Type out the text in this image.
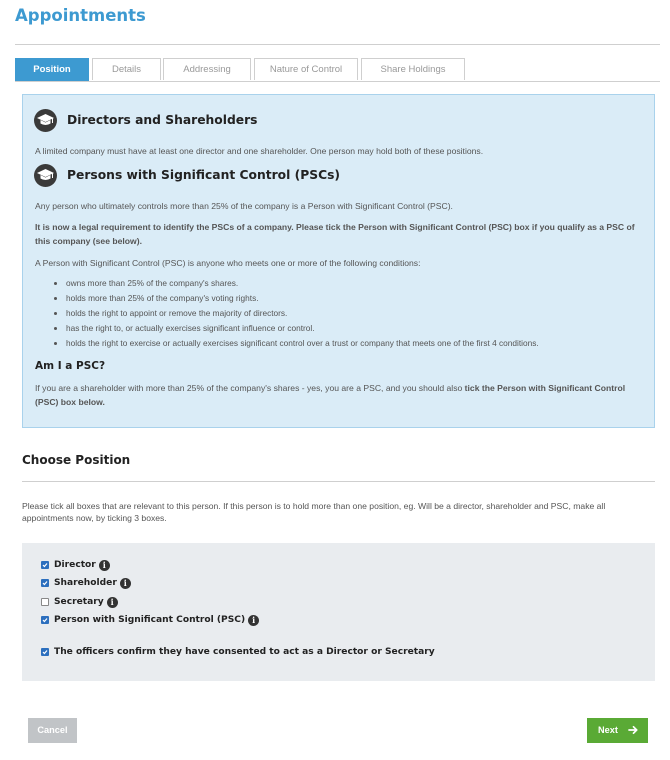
Appointments
Position	Details	Addressing	Nature of Control	Share Holdings
Directors and Shareholders

A limited company must have at least one director and one shareholder. One person may hold both of these positions.

Persons with Significant Control (PSCs)

Any person who ultimately controls more than 25% of the company is a Person with Significant Control (PSC).

It is now a legal requirement to identify the PSCs of a company. Please tick the Person with Significant Control (PSC) box if you qualify as a PSC of this company (see below).

A Person with Significant Control (PSC) is anyone who meets one or more of the following conditions:

• owns more than 25% of the company's shares.
• holds more than 25% of the company's voting rights.
• holds the right to appoint or remove the majority of directors.
• has the right to, or actually exercises significant influence or control.
• holds the right to exercise or actually exercises significant control over a trust or company that meets one of the first 4 conditions.
Am I a PSC?

If you are a shareholder with more than 25% of the company's shares - yes, you are a PSC, and you should also tick the Person with Significant Control (PSC) box below.

Choose Position

Please tick all boxes that are relevant to this person. If this person is to hold more than one position, eg. Will be a director, shareholder and PSC, make all appointments now, by ticking 3 boxes.

Director i
Shareholder i
Secretary i
Person with Significant Control (PSC) i
The officers confirm they have consented to act as a Director or Secretary
Cancel	Next
